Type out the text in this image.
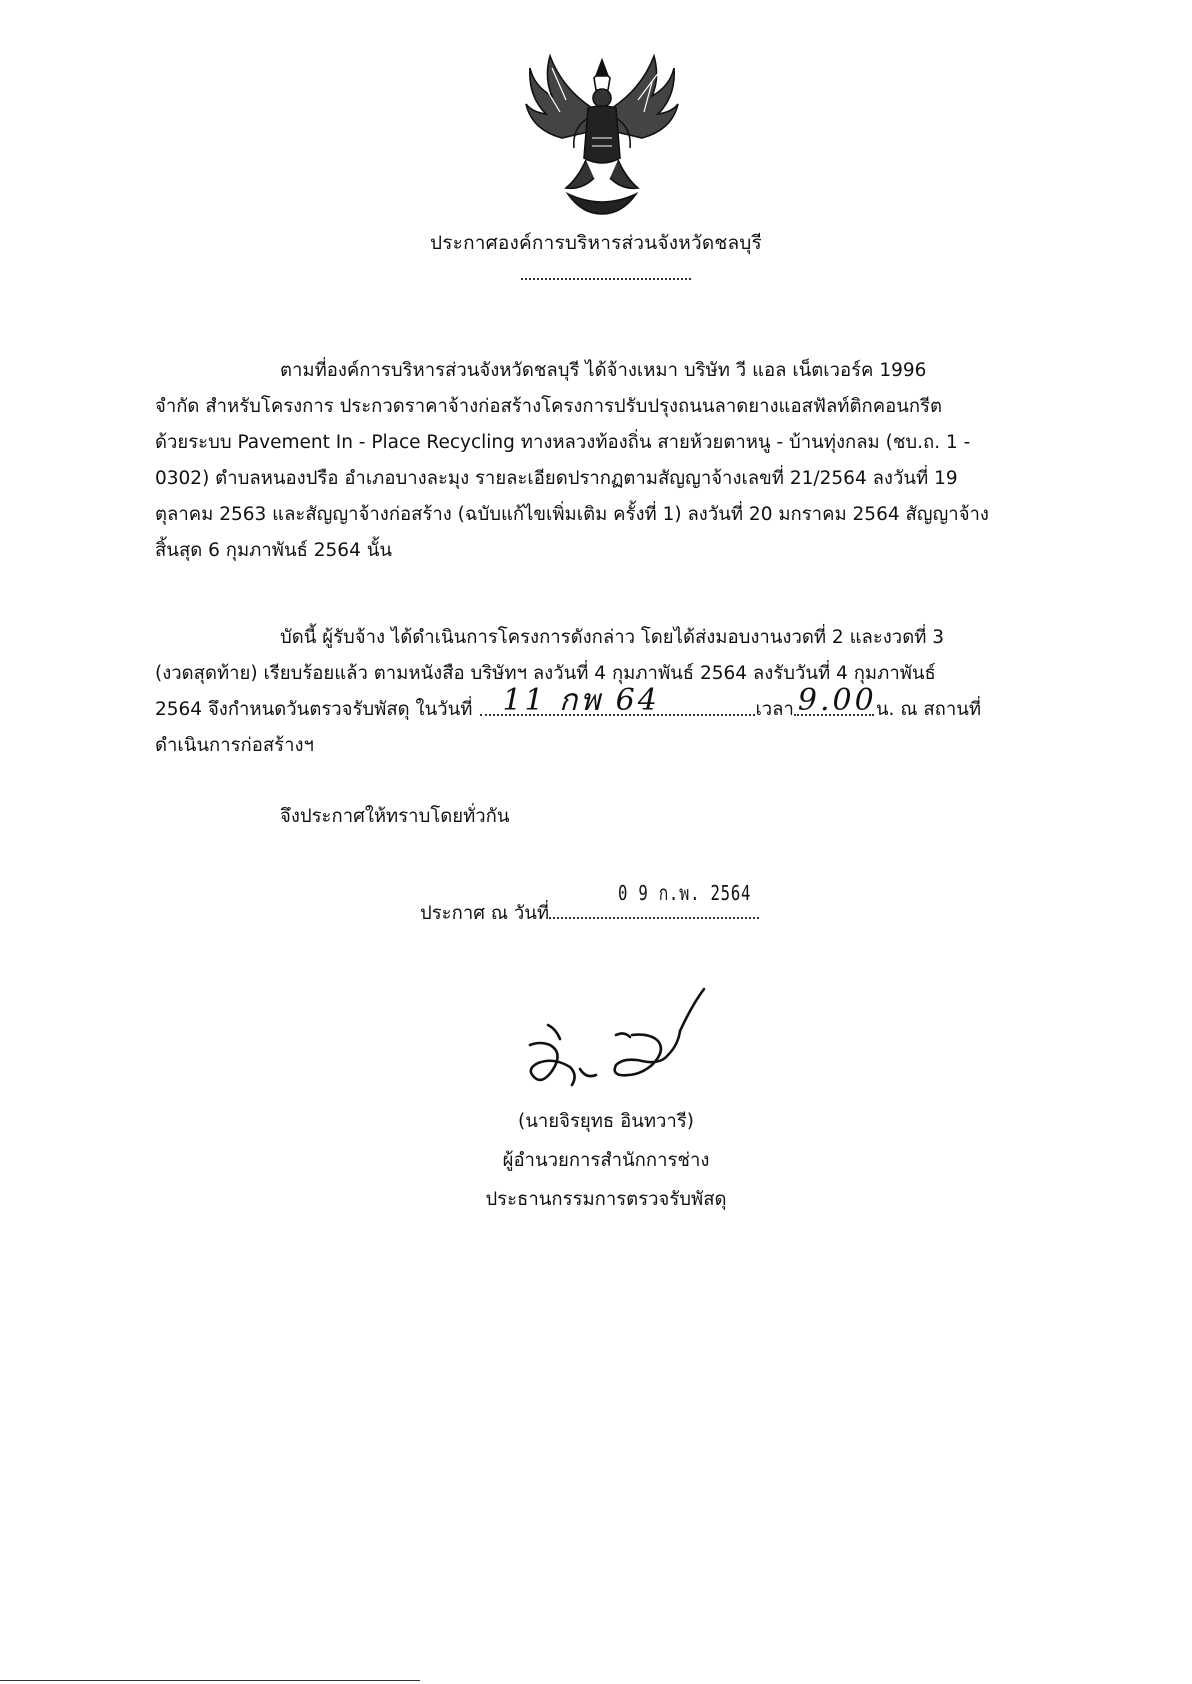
ประกาศองค์การบริหารส่วนจังหวัดชลบุรี
ตามที่องค์การบริหารส่วนจังหวัดชลบุรี ได้จ้างเหมา บริษัท วี แอล เน็ตเวอร์ค 1996
จำกัด สำหรับโครงการ ประกวดราคาจ้างก่อสร้างโครงการปรับปรุงถนนลาดยางแอสฟัลท์ติกคอนกรีต
ด้วยระบบ Pavement In - Place Recycling ทางหลวงท้องถิ่น สายห้วยตาหนู - บ้านทุ่งกลม (ชบ.ถ. 1 -
0302) ตำบลหนองปรือ อำเภอบางละมุง รายละเอียดปรากฏตามสัญญาจ้างเลขที่ 21/2564 ลงวันที่ 19
ตุลาคม 2563 และสัญญาจ้างก่อสร้าง (ฉบับแก้ไขเพิ่มเติม ครั้งที่ 1) ลงวันที่ 20 มกราคม 2564 สัญญาจ้าง
สิ้นสุด 6 กุมภาพันธ์ 2564 นั้น
บัดนี้ ผู้รับจ้าง ได้ดำเนินการโครงการดังกล่าว โดยได้ส่งมอบงานงวดที่ 2 และงวดที่ 3
(งวดสุดท้าย) เรียบร้อยแล้ว ตามหนังสือ บริษัทฯ ลงวันที่ 4 กุมภาพันธ์ 2564 ลงรับวันที่ 4 กุมภาพันธ์
2564 จึงกำหนดวันตรวจรับพัสดุ ในวันที่ 11 กพ 64	เวลา 9.00 น. ณ สถานที่
ดำเนินการก่อสร้างฯ
จึงประกาศให้ทราบโดยทั่วกัน
ประกาศ ณ วันที่
0 9 ก.พ. 2564
(นายจิรยุทธ อินทวารี)
ผู้อำนวยการสำนักการช่าง
ประธานกรรมการตรวจรับพัสดุ
